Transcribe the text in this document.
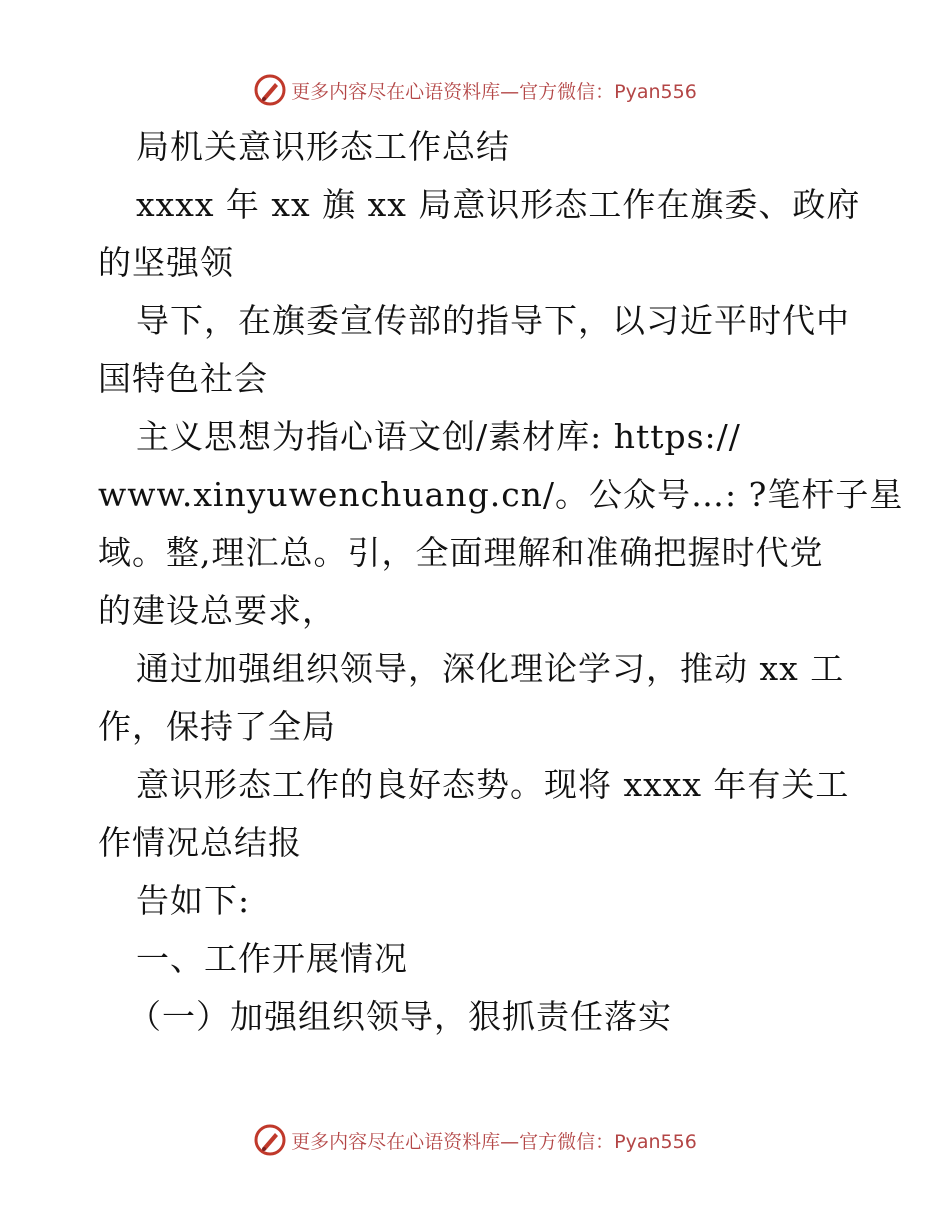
更多内容尽在心语资料库—官方微信：Pyan556
局机关意识形态工作总结
xxxx 年 xx 旗 xx 局意识形态工作在旗委、政府
的坚强领
导下，在旗委宣传部的指导下，以习近平时代中
国特色社会
主义思想为指心语文创/素材库: https://
www.xinyuwenchuang.cn/。公众号…: ?笔杆子星
域。整,理汇总。引，全面理解和准确把握时代党
的建设总要求，
通过加强组织领导，深化理论学习，推动 xx 工
作，保持了全局
意识形态工作的良好态势。现将 xxxx 年有关工
作情况总结报
告如下:
一、工作开展情况
（一）加强组织领导，狠抓责任落实
更多内容尽在心语资料库—官方微信：Pyan556
